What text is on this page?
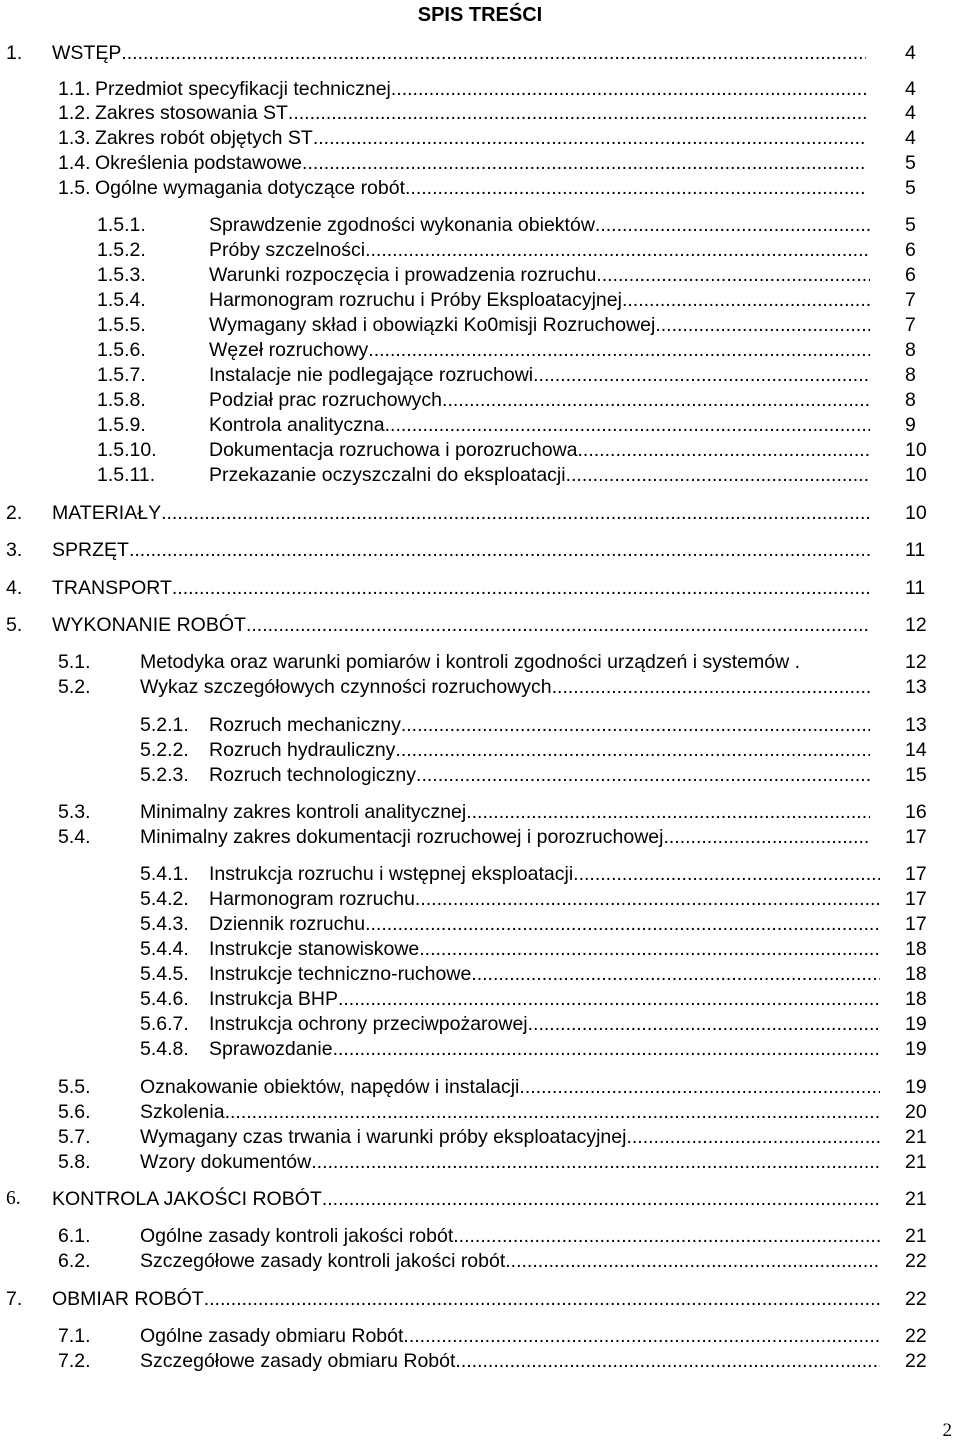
SPIS TREŚCI
1. WSTĘP .....	4
1.1. Przedmiot specyfikacji technicznej .....	4
1.2. Zakres stosowania ST .....	4
1.3. Zakres robót objętych ST .....	4
1.4. Określenia podstawowe .....	5
1.5. Ogólne wymagania dotyczące robót .....	5
1.5.1.	Sprawdzenie zgodności wykonania obiektów .....	5
1.5.2.	Próby szczelności .....	6
1.5.3.	Warunki rozpoczęcia i prowadzenia rozruchu .....	6
1.5.4.	Harmonogram rozruchu i Próby Eksploatacyjnej .....	7
1.5.5.	Wymagany skład i obowiązki Ko0misji Rozruchowej .....	7
1.5.6.	Węzeł rozruchowy .....	8
1.5.7.	Instalacje nie podlegające rozruchowi .....	8
1.5.8.	Podział prac rozruchowych .....	8
1.5.9.	Kontrola analityczna .....	9
1.5.10.	Dokumentacja rozruchowa i porozruchowa .....	10
1.5.11.	Przekazanie oczyszczalni do eksploatacji .....	10
2. MATERIAŁY .....	10
3. SPRZĘT .....	11
4. TRANSPORT .....	11
5. WYKONANIE ROBÓT .....	12
5.1.	Metodyka oraz warunki pomiarów i kontroli zgodności urządzeń i systemów .	12
5.2.	Wykaz szczegółowych czynności rozruchowych .....	13
5.2.1. Rozruch mechaniczny .....	13
5.2.2. Rozruch hydrauliczny .....	14
5.2.3. Rozruch technologiczny .....	15
5.3.	Minimalny zakres kontroli analitycznej .....	16
5.4.	Minimalny zakres dokumentacji rozruchowej i porozruchowej .....	17
5.4.1. Instrukcja rozruchu i wstępnej eksploatacji .....	17
5.4.2. Harmonogram rozruchu .....	17
5.4.3. Dziennik rozruchu .....	17
5.4.4. Instrukcje stanowiskowe .....	18
5.4.5. Instrukcje techniczno-ruchowe .....	18
5.4.6. Instrukcja BHP .....	18
5.6.7. Instrukcja ochrony przeciwpożarowej .....	19
5.4.8. Sprawozdanie .....	19
5.5.	Oznakowanie obiektów, napędów i instalacji .....	19
5.6.	Szkolenia .....	20
5.7.	Wymagany czas trwania i warunki próby eksploatacyjnej .....	21
5.8.	Wzory dokumentów .....	21
6. KONTROLA JAKOŚCI ROBÓT .....	21
6.1.	Ogólne zasady kontroli jakości robót .....	21
6.2.	Szczegółowe zasady kontroli jakości robót .....	22
7. OBMIAR ROBÓT .....	22
7.1.	Ogólne zasady obmiaru Robót .....	22
7.2.	Szczegółowe zasady obmiaru Robót .....	22
2
